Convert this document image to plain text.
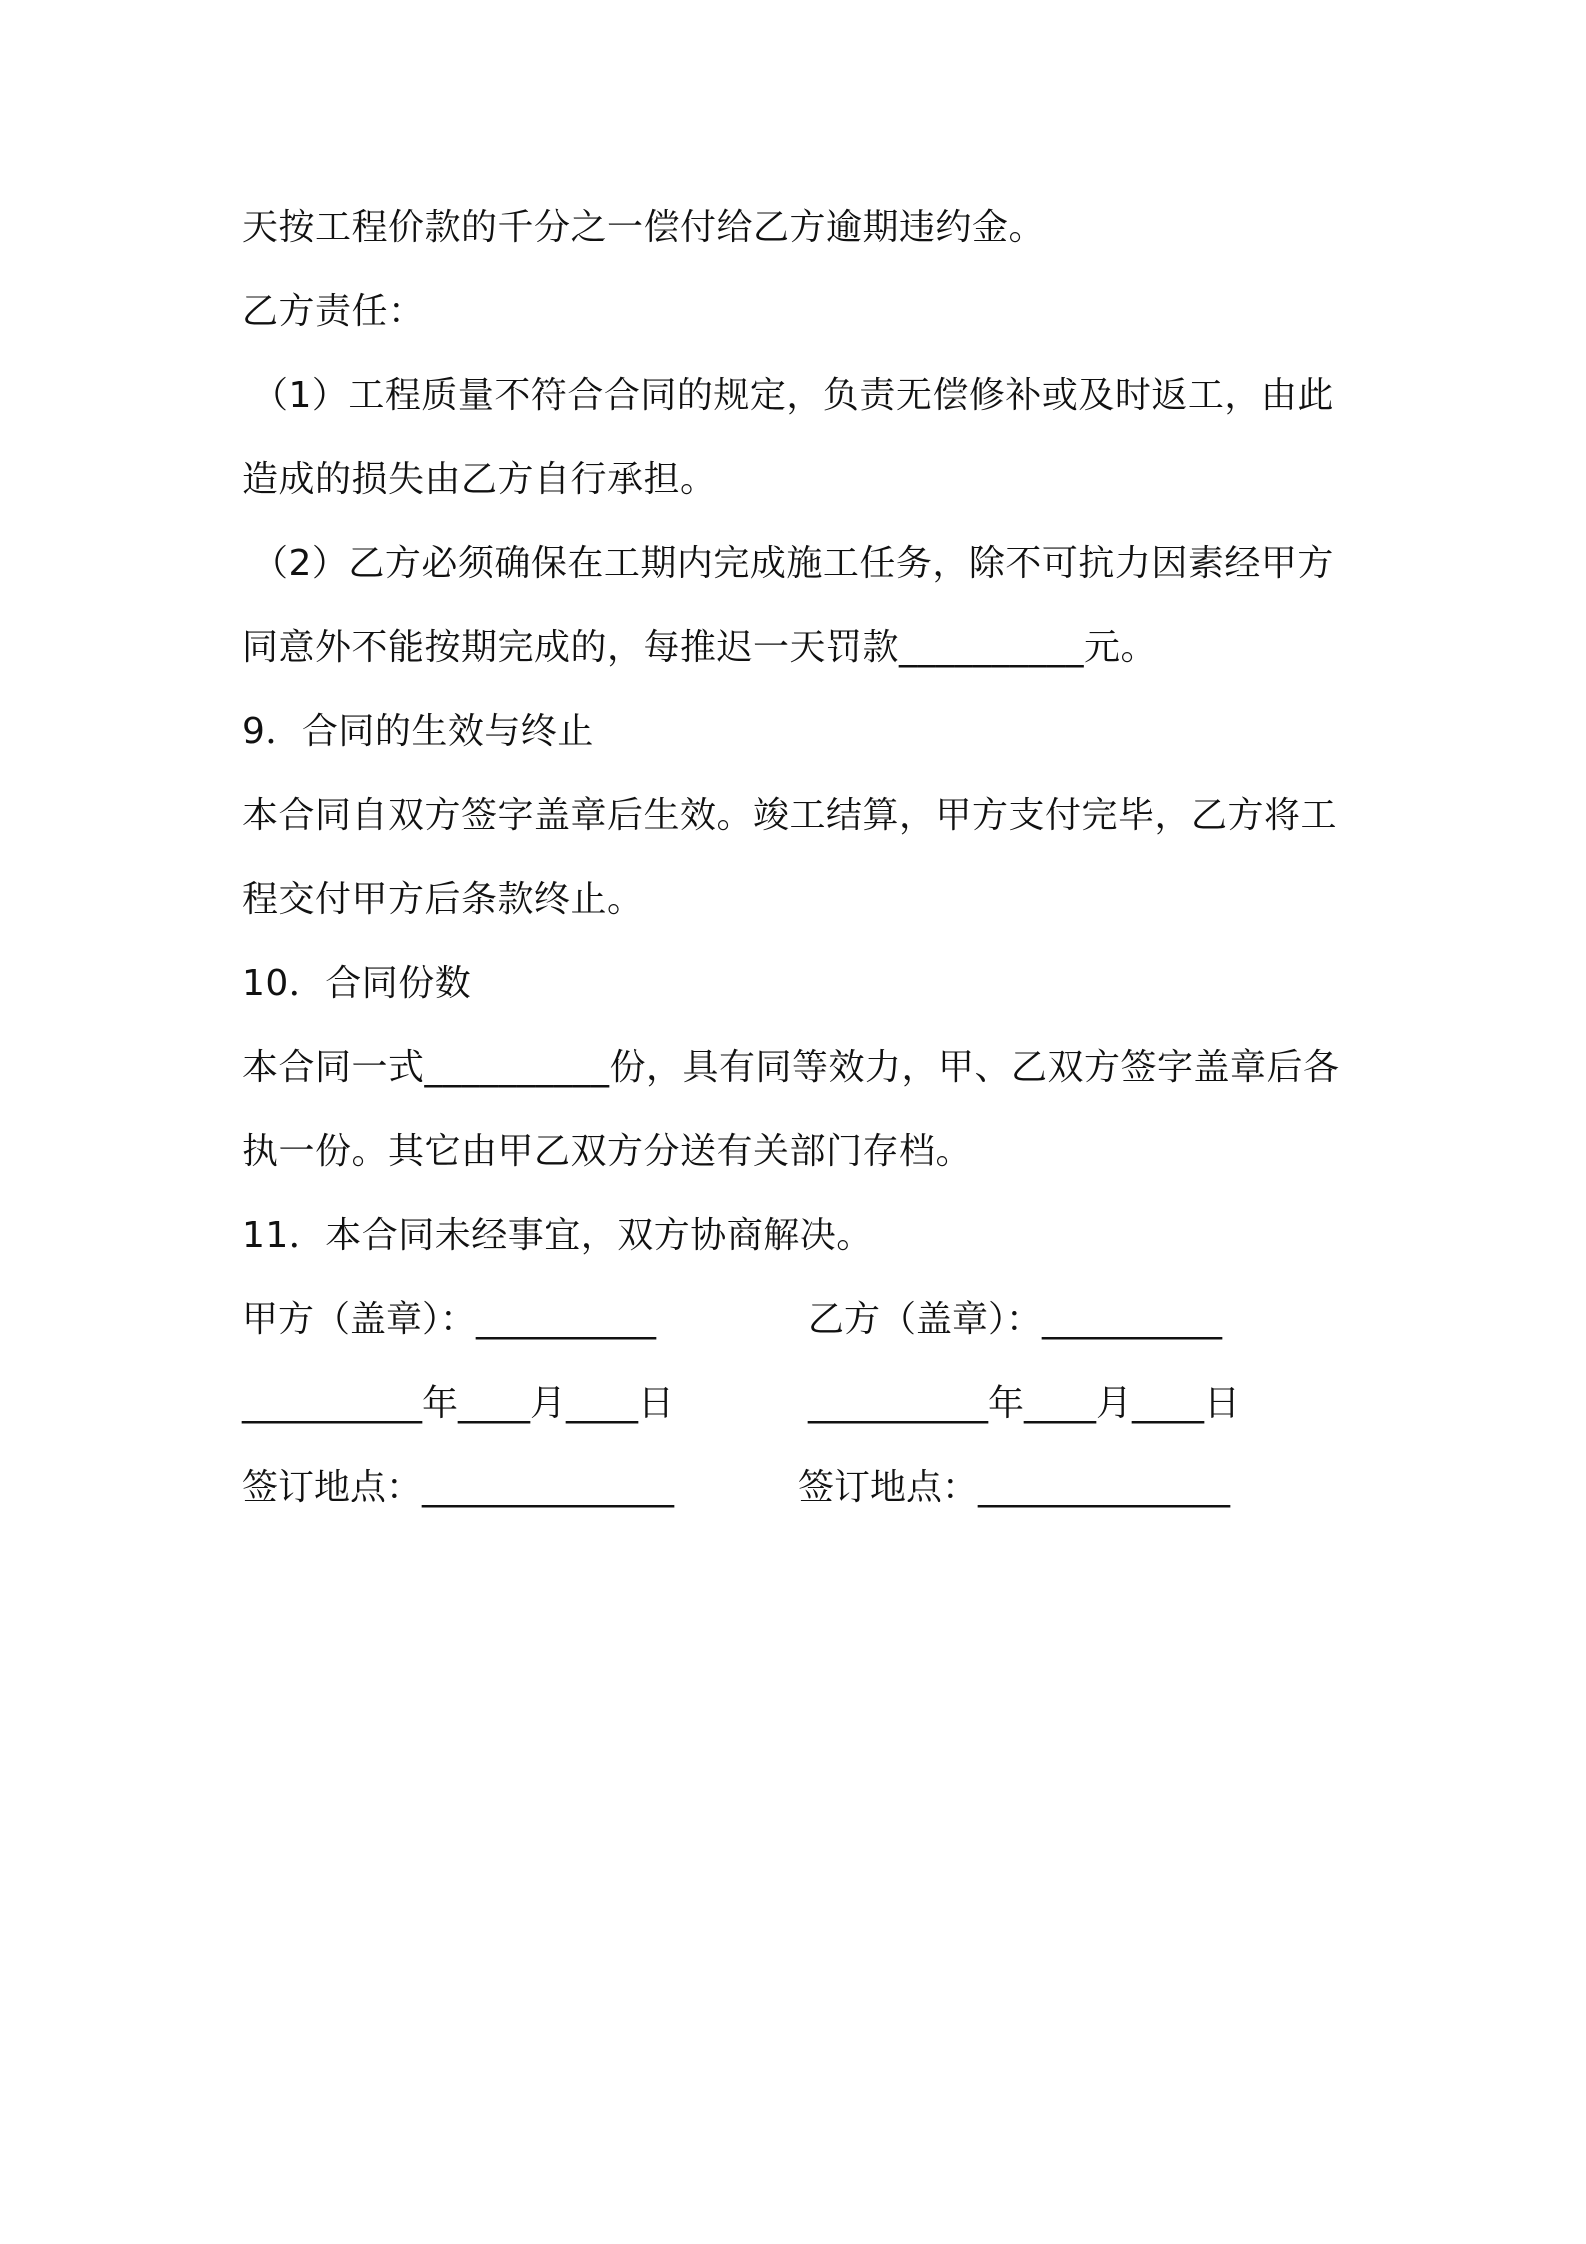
天按工程价款的千分之一偿付给乙方逾期违约金。
乙方责任：
（1）工程质量不符合合同的规定，负责无偿修补或及时返工，由此
造成的损失由乙方自行承担。
（2）乙方必须确保在工期内完成施工任务，除不可抗力因素经甲方
同意外不能按期完成的，每推迟一天罚款__________元。
9．合同的生效与终止
本合同自双方签字盖章后生效。竣工结算，甲方支付完毕，乙方将工
程交付甲方后条款终止。
10．合同份数
本合同一式__________份，具有同等效力，甲、乙双方签字盖章后各
执一份。其它由甲乙双方分送有关部门存档。
11．本合同未经事宜，双方协商解决。
甲方（盖章）：__________	乙方（盖章）：__________
__________年____月____日	__________年____月____日
签订地点：______________	签订地点：______________
